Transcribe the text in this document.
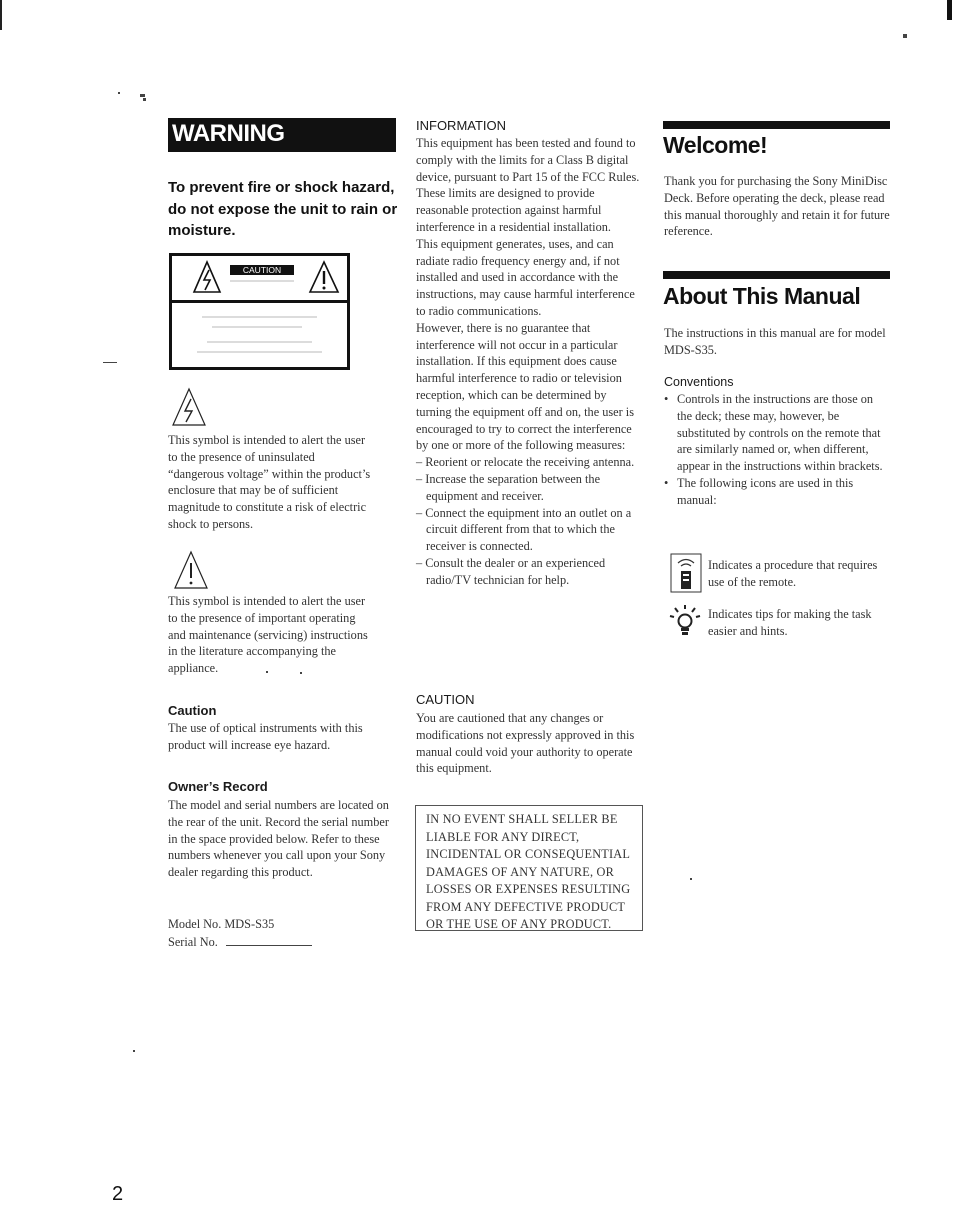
WARNING
To prevent fire or shock hazard, do not expose the unit to rain or moisture.
CAUTION
This symbol is intended to alert the user to the presence of uninsulated “dangerous voltage” within the product’s enclosure that may be of sufficient magnitude to constitute a risk of electric shock to persons.
This symbol is intended to alert the user to the presence of important operating and maintenance (servicing) instructions in the literature accompanying the appliance.
Caution
The use of optical instruments with this product will increase eye hazard.
Owner’s Record
The model and serial numbers are located on the rear of the unit. Record the serial number in the space provided below. Refer to these numbers whenever you call upon your Sony dealer regarding this product.
Model No. MDS-S35
Serial No.
INFORMATION

This equipment has been tested and found to comply with the limits for a Class B digital device, pursuant to Part 15 of the FCC Rules.

These limits are designed to provide reasonable protection against harmful interference in a residential installation.

This equipment generates, uses, and can radiate radio frequency energy and, if not installed and used in accordance with the instructions, may cause harmful interference to radio communications.

However, there is no guarantee that interference will not occur in a particular installation. If this equipment does cause harmful interference to radio or television reception, which can be determined by turning the equipment off and on, the user is encouraged to try to correct the interference by one or more of the following measures:

– Reorient or relocate the receiving antenna.

– Increase the separation between the equipment and receiver.

– Connect the equipment into an outlet on a circuit different from that to which the receiver is connected.

– Consult the dealer or an experienced radio/TV technician for help.

CAUTION
You are cautioned that any changes or modifications not expressly approved in this manual could void your authority to operate this equipment.
IN NO EVENT SHALL SELLER BE LIABLE FOR ANY DIRECT, INCIDENTAL OR CONSEQUENTIAL DAMAGES OF ANY NATURE, OR LOSSES OR EXPENSES RESULTING FROM ANY DEFECTIVE PRODUCT OR THE USE OF ANY PRODUCT.
Welcome!
Thank you for purchasing the Sony MiniDisc Deck. Before operating the deck, please read this manual thoroughly and retain it for future reference.
About This Manual
The instructions in this manual are for model MDS-S35.
Conventions
• Controls in the instructions are those on the deck; these may, however, be substituted by controls on the remote that are similarly named or, when different, appear in the instructions within brackets.
• The following icons are used in this manual:
Indicates a procedure that requires use of the remote.
Indicates tips for making the task easier and hints.
2
